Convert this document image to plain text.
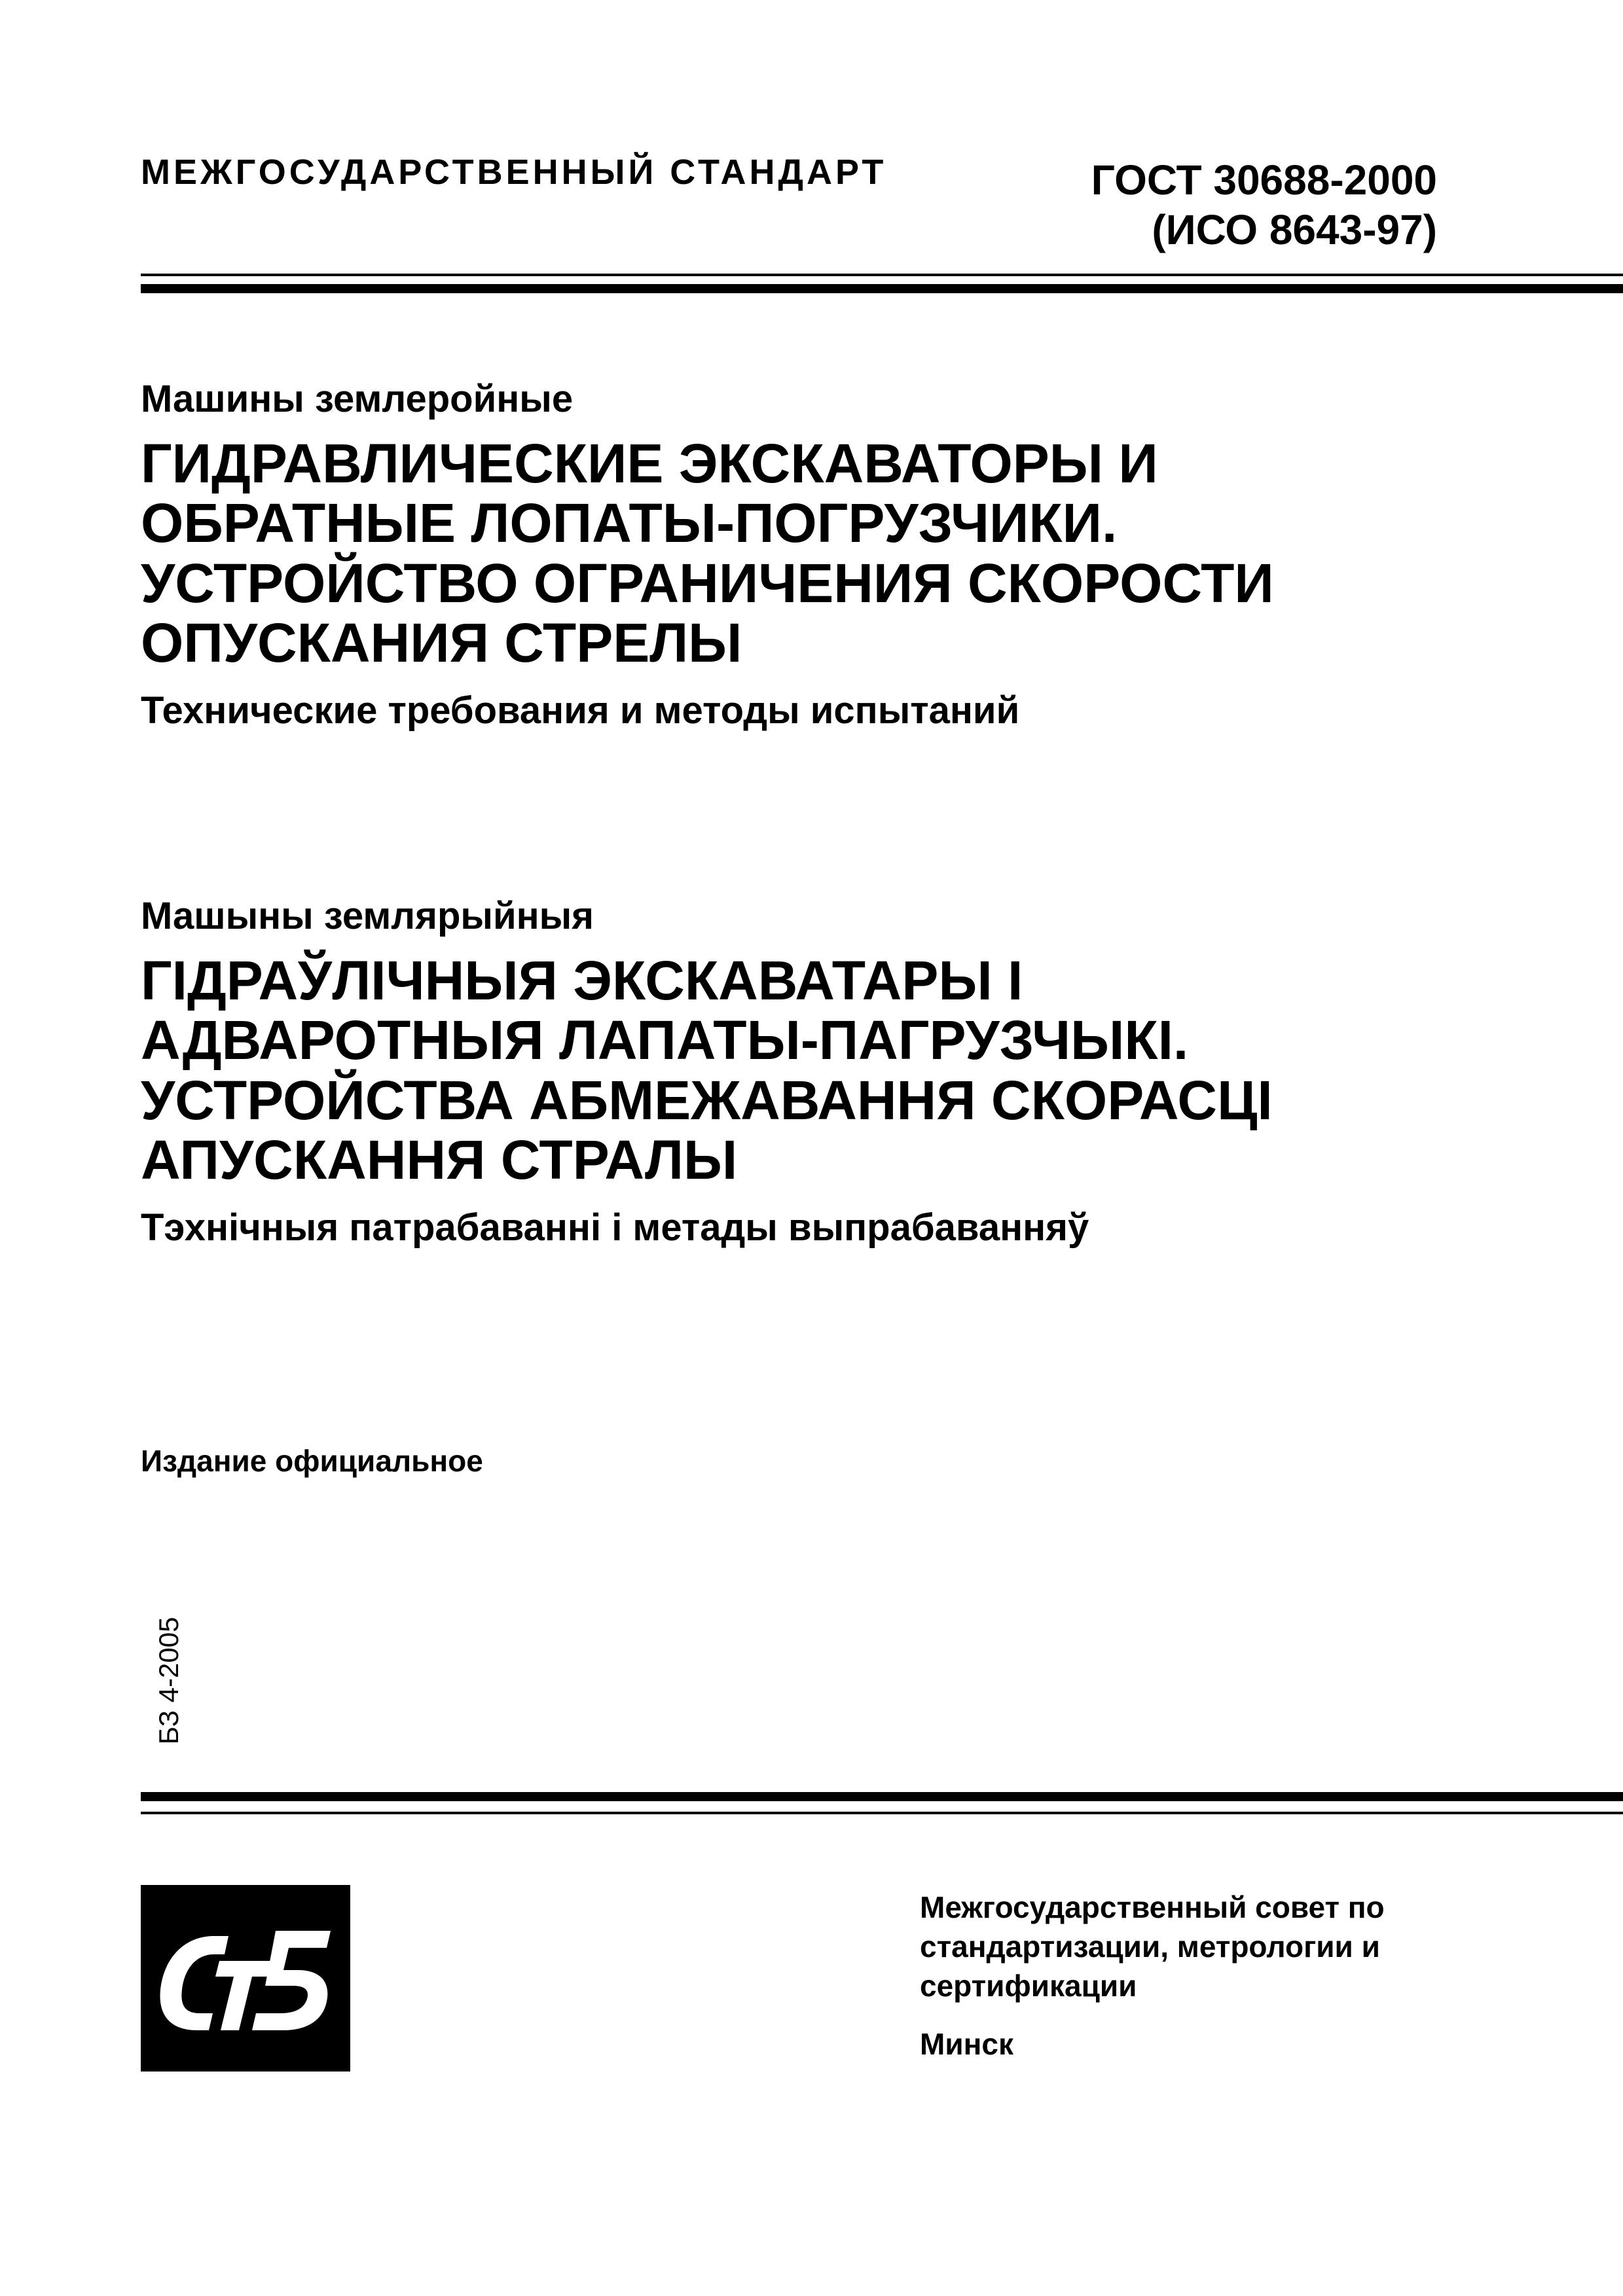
МЕЖГОСУДАРСТВЕННЫЙ СТАНДАРТ	ГОСТ 30688-2000
(ИСО 8643-97)
Машины землеройные
ГИДРАВЛИЧЕСКИЕ ЭКСКАВАТОРЫ И
ОБРАТНЫЕ ЛОПАТЫ-ПОГРУЗЧИКИ.
УСТРОЙСТВО ОГРАНИЧЕНИЯ СКОРОСТИ
ОПУСКАНИЯ СТРЕЛЫ
Технические требования и методы испытаний
Машыны землярыйныя
ГІДРАЎЛІЧНЫЯ ЭКСКАВАТАРЫ І
АДВАРОТНЫЯ ЛАПАТЫ-ПАГРУЗЧЫКІ.
УСТРОЙСТВА АБМЕЖАВАННЯ СКОРАСЦІ
АПУСКАННЯ СТРАЛЫ
Тэхнічныя патрабаванні і метады выпрабаванняў
Издание официальное
БЗ 4-2005
Межгосударственный совет по
стандартизации, метрологии и
сертификации
Минск
